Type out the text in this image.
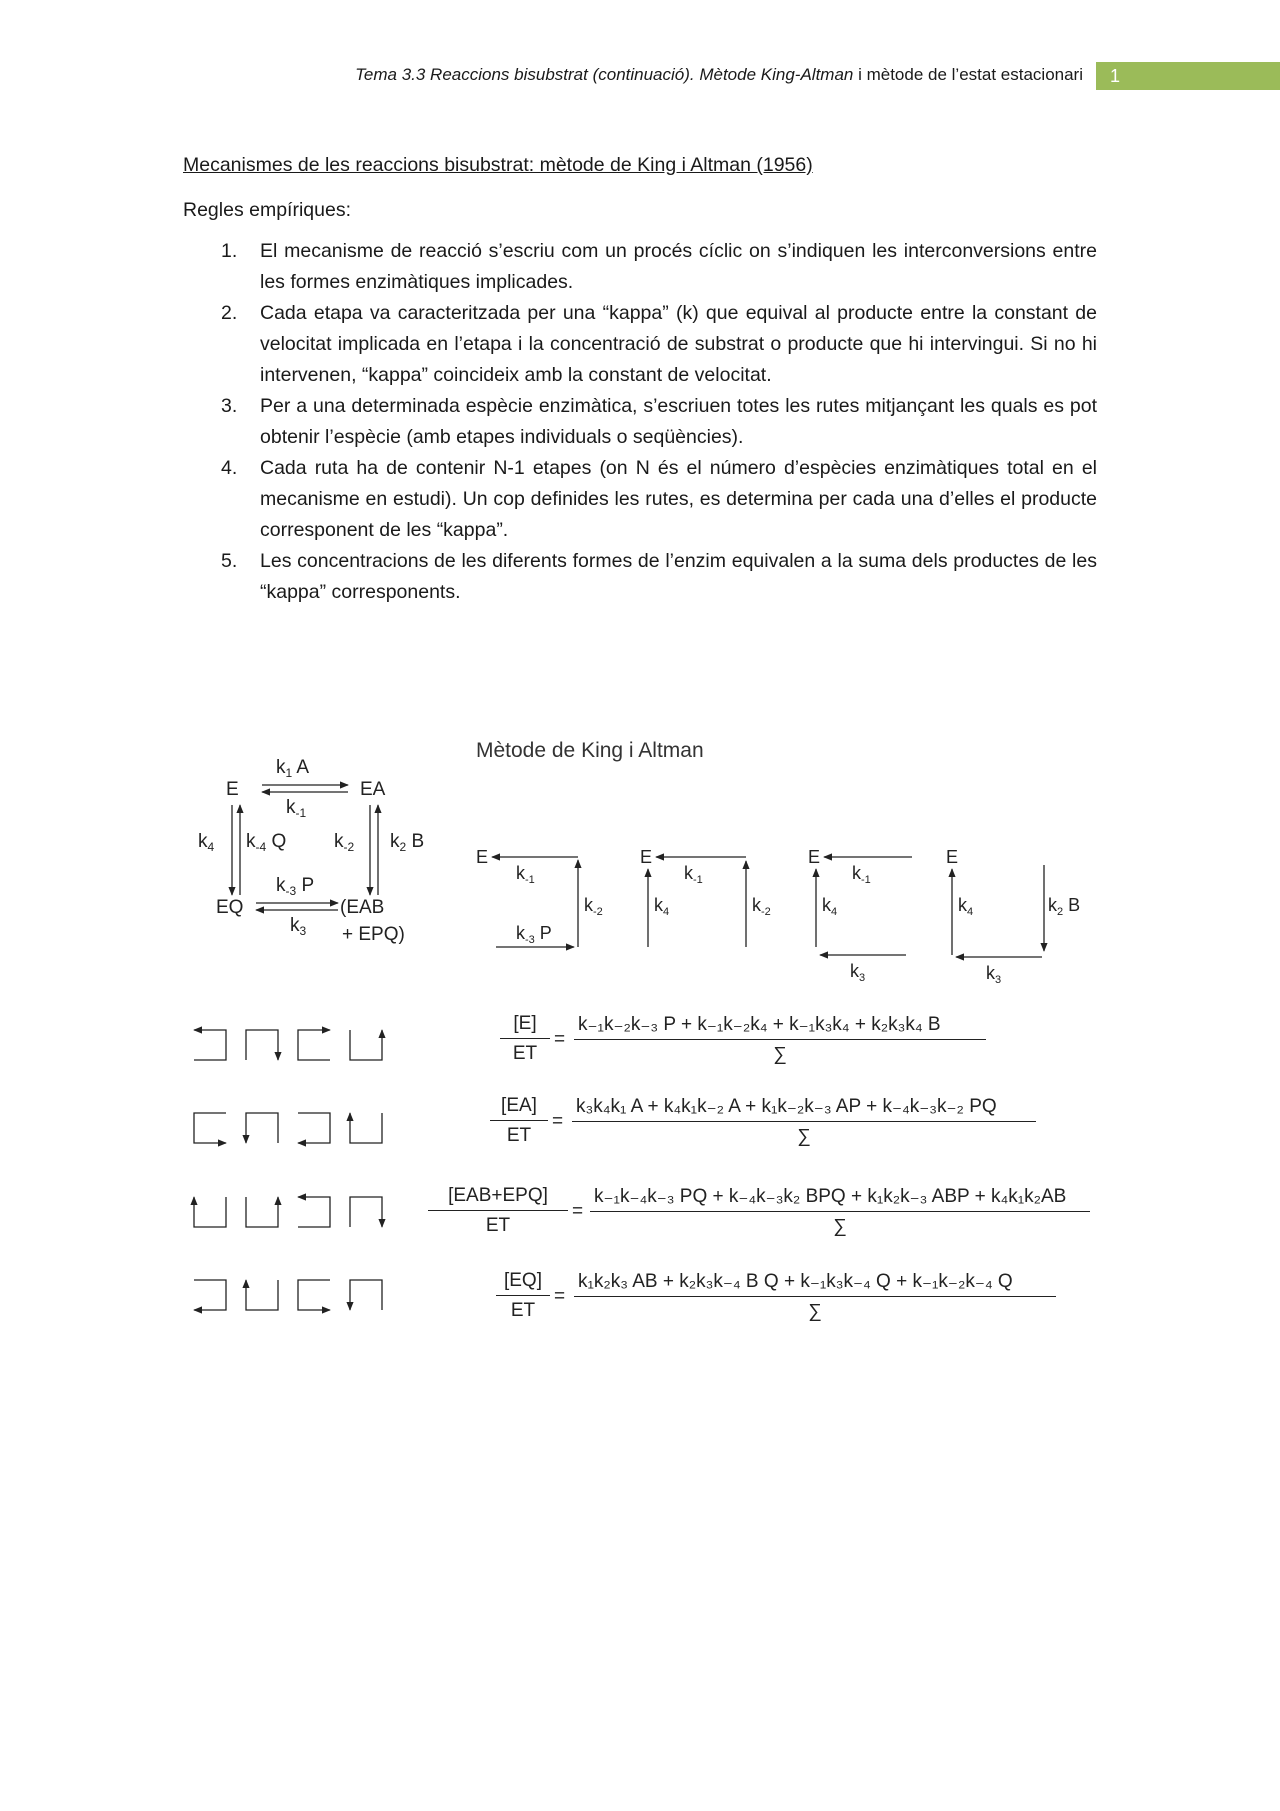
Tema 3.3 Reaccions bisubstrat (continuació). Mètode King-Altman i mètode de l’estat estacionari	1
Mecanismes de les reaccions bisubstrat: mètode de King i Altman (1956)
Regles empíriques:
1. El mecanisme de reacció s’escriu com un procés cíclic on s’indiquen les interconversions entre les formes enzimàtiques implicades.
2. Cada etapa va caracteritzada per una “kappa” (k) que equival al producte entre la constant de velocitat implicada en l’etapa i la concentració de substrat o producte que hi intervingui. Si no hi intervenen, “kappa” coincideix amb la constant de velocitat.
3. Per a una determinada espècie enzimàtica, s’escriuen totes les rutes mitjançant les quals es pot obtenir l’espècie (amb etapes individuals o seqüències).
4. Cada ruta ha de contenir N-1 etapes (on N és el número d’espècies enzimàtiques total en el mecanisme en estudi). Un cop definides les rutes, es determina per cada una d’elles el producte corresponent de les “kappa”.
5. Les concentracions de les diferents formes de l’enzim equivalen a la suma dels productes de les “kappa” corresponents.
Mètode de King i Altman
E	EA
EQ	(EAB
+ EPQ)
$k_1$ A
$k_{-1}$
$k_4$ $k_{-4}$ Q	$k_{-2}$ $k_2$ B
$k_{-3}$ P
$k_3$
E
$k_{-1}$
$k_{-2}$
$k_{-3}$ P
E
$k_{-1}$
$k_4$	$k_{-2}$
E
$k_{-1}$
$k_4$
$k_3$
E
$k_4$	$k_2$ B
$k_3$
[E]
ET
=
k₋₁k₋₂k₋₃ P + k₋₁k₋₂k₄ + k₋₁k₃k₄ + k₂k₃k₄ B
∑
[EA]
ET
=
k₃k₄k₁ A + k₄k₁k₋₂ A + k₁k₋₂k₋₃ AP + k₋₄k₋₃k₋₂ PQ
∑
[EAB+EPQ]
ET
=
k₋₁k₋₄k₋₃ PQ + k₋₄k₋₃k₂ BPQ + k₁k₂k₋₃ ABP + k₄k₁k₂AB
∑
[EQ]
ET
=
k₁k₂k₃ AB + k₂k₃k₋₄ B Q + k₋₁k₃k₋₄ Q + k₋₁k₋₂k₋₄ Q
∑
